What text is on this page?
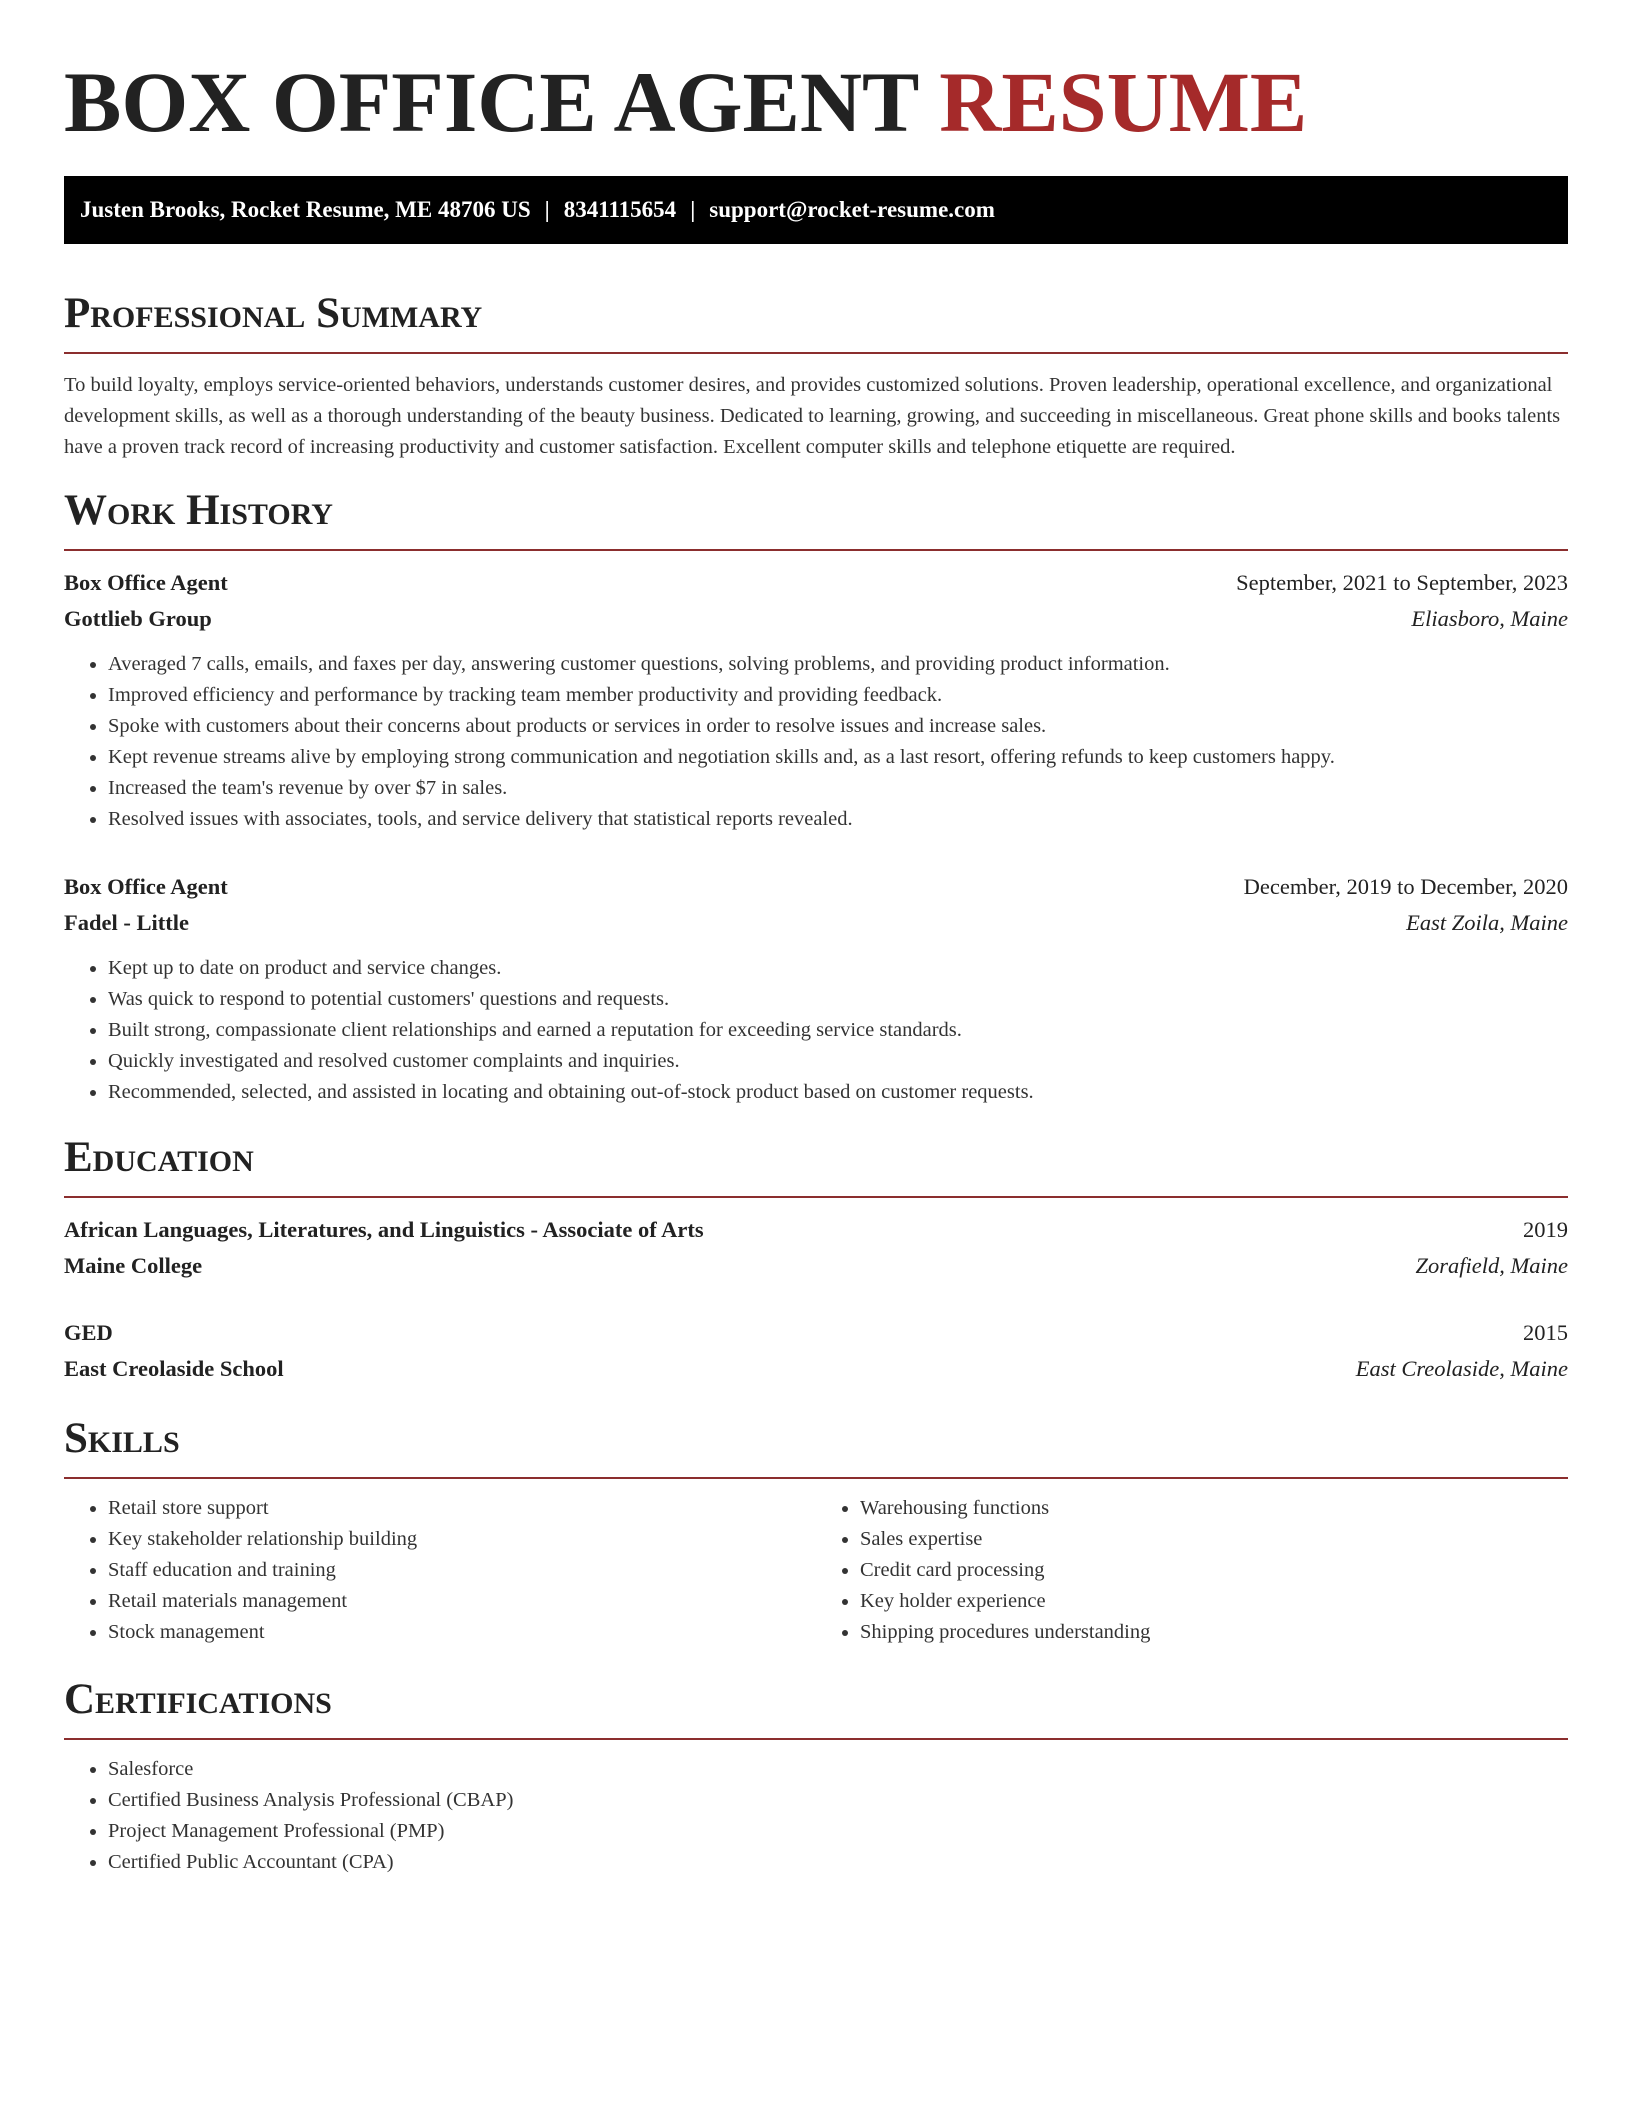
BOX OFFICE AGENT RESUME
Justen Brooks, Rocket Resume, ME 48706 US | 8341115654 | support@rocket-resume.com
Professional Summary

To build loyalty, employs service-oriented behaviors, understands customer desires, and provides customized solutions. Proven leadership, operational excellence, and organizational development skills, as well as a thorough understanding of the beauty business. Dedicated to learning, growing, and succeeding in miscellaneous. Great phone skills and books talents have a proven track record of increasing productivity and customer satisfaction. Excellent computer skills and telephone etiquette are required.

Work History
Box Office Agent	September, 2021 to September, 2023
Gottlieb Group	Eliasboro, Maine
• Averaged 7 calls, emails, and faxes per day, answering customer questions, solving problems, and providing product information.
• Improved efficiency and performance by tracking team member productivity and providing feedback.
• Spoke with customers about their concerns about products or services in order to resolve issues and increase sales.
• Kept revenue streams alive by employing strong communication and negotiation skills and, as a last resort, offering refunds to keep customers happy.
• Increased the team's revenue by over $7 in sales.
• Resolved issues with associates, tools, and service delivery that statistical reports revealed.
Box Office Agent	December, 2019 to December, 2020
Fadel - Little	East Zoila, Maine
• Kept up to date on product and service changes.
• Was quick to respond to potential customers' questions and requests.
• Built strong, compassionate client relationships and earned a reputation for exceeding service standards.
• Quickly investigated and resolved customer complaints and inquiries.
• Recommended, selected, and assisted in locating and obtaining out-of-stock product based on customer requests.
Education
African Languages, Literatures, and Linguistics - Associate of Arts	2019
Maine College	Zorafield, Maine
GED	2015
East Creolaside School	East Creolaside, Maine
Skills
• Retail store support
• Key stakeholder relationship building
• Staff education and training
• Retail materials management
• Stock management
• Warehousing functions
• Sales expertise
• Credit card processing
• Key holder experience
• Shipping procedures understanding
Certifications
• Salesforce
• Certified Business Analysis Professional (CBAP)
• Project Management Professional (PMP)
• Certified Public Accountant (CPA)
